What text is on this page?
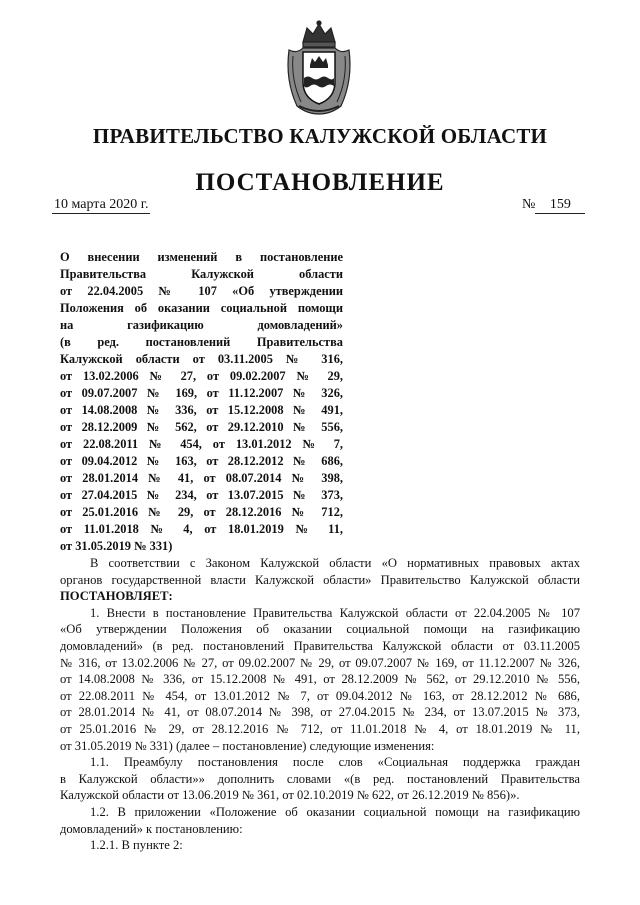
ПРАВИТЕЛЬСТВО КАЛУЖСКОЙ ОБЛАСТИ
ПОСТАНОВЛЕНИЕ
10 марта 2020 г.	№ 159

О внесении изменений в постановление

Правительства Калужской области

от 22.04.2005 № 107 «Об утверждении

Положения об оказании социальной помощи

на газификацию домовладений»

(в ред. постановлений Правительства

Калужской области от 03.11.2005 № 316,

от 13.02.2006 № 27, от 09.02.2007 № 29,

от 09.07.2007 № 169, от 11.12.2007 № 326,

от 14.08.2008 № 336, от 15.12.2008 № 491,

от 28.12.2009 № 562, от 29.12.2010 № 556,

от 22.08.2011 № 454, от 13.01.2012 № 7,

от 09.04.2012 № 163, от 28.12.2012 № 686,

от 28.01.2014 № 41, от 08.07.2014 № 398,

от 27.04.2015 № 234, от 13.07.2015 № 373,

от 25.01.2016 № 29, от 28.12.2016 № 712,

от 11.01.2018 № 4, от 18.01.2019 № 11,

от 31.05.2019 № 331)

В соответствии с Законом Калужской области «О нормативных правовых актах

органов государственной власти Калужской области» Правительство Калужской области

ПОСТАНОВЛЯЕТ:

1. Внести в постановление Правительства Калужской области от 22.04.2005 № 107

«Об утверждении Положения об оказании социальной помощи на газификацию

домовладений» (в ред. постановлений Правительства Калужской области от 03.11.2005

№ 316, от 13.02.2006 № 27, от 09.02.2007 № 29, от 09.07.2007 № 169, от 11.12.2007 № 326,

от 14.08.2008 № 336, от 15.12.2008 № 491, от 28.12.2009 № 562, от 29.12.2010 № 556,

от 22.08.2011 № 454, от 13.01.2012 № 7, от 09.04.2012 № 163, от 28.12.2012 № 686,

от 28.01.2014 № 41, от 08.07.2014 № 398, от 27.04.2015 № 234, от 13.07.2015 № 373,

от 25.01.2016 № 29, от 28.12.2016 № 712, от 11.01.2018 № 4, от 18.01.2019 № 11,

от 31.05.2019 № 331) (далее – постановление) следующие изменения:

1.1. Преамбулу постановления после слов «Социальная поддержка граждан

в Калужской области»» дополнить словами «(в ред. постановлений Правительства

Калужской области от 13.06.2019 № 361, от 02.10.2019 № 622, от 26.12.2019 № 856)».

1.2. В приложении «Положение об оказании социальной помощи на газификацию

домовладений» к постановлению:

1.2.1. В пункте 2:
